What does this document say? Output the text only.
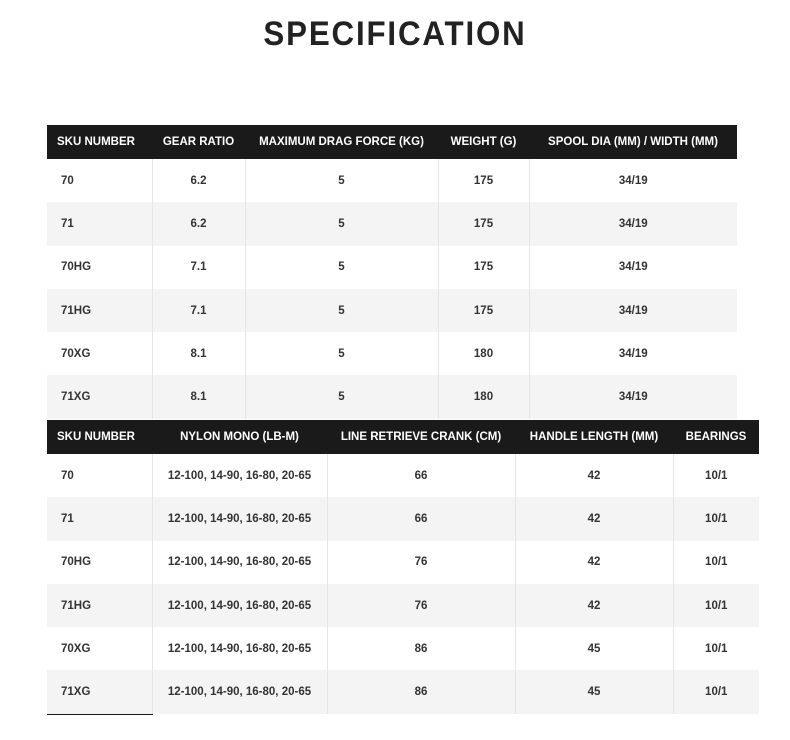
SPECIFICATION
SKU NUMBER	GEAR RATIO	MAXIMUM DRAG FORCE (KG)	WEIGHT (G)	SPOOL DIA (MM) / WIDTH (MM)
70	6.2	5	175	34/19
71	6.2	5	175	34/19
70HG	7.1	5	175	34/19
71HG	7.1	5	175	34/19
70XG	8.1	5	180	34/19
71XG	8.1	5	180	34/19
SKU NUMBER	NYLON MONO (LB-M)	LINE RETRIEVE CRANK (CM)	HANDLE LENGTH (MM)	BEARINGS
70	12-100, 14-90, 16-80, 20-65	66	42	10/1
71	12-100, 14-90, 16-80, 20-65	66	42	10/1
70HG	12-100, 14-90, 16-80, 20-65	76	42	10/1
71HG	12-100, 14-90, 16-80, 20-65	76	42	10/1
70XG	12-100, 14-90, 16-80, 20-65	86	45	10/1
71XG	12-100, 14-90, 16-80, 20-65	86	45	10/1
